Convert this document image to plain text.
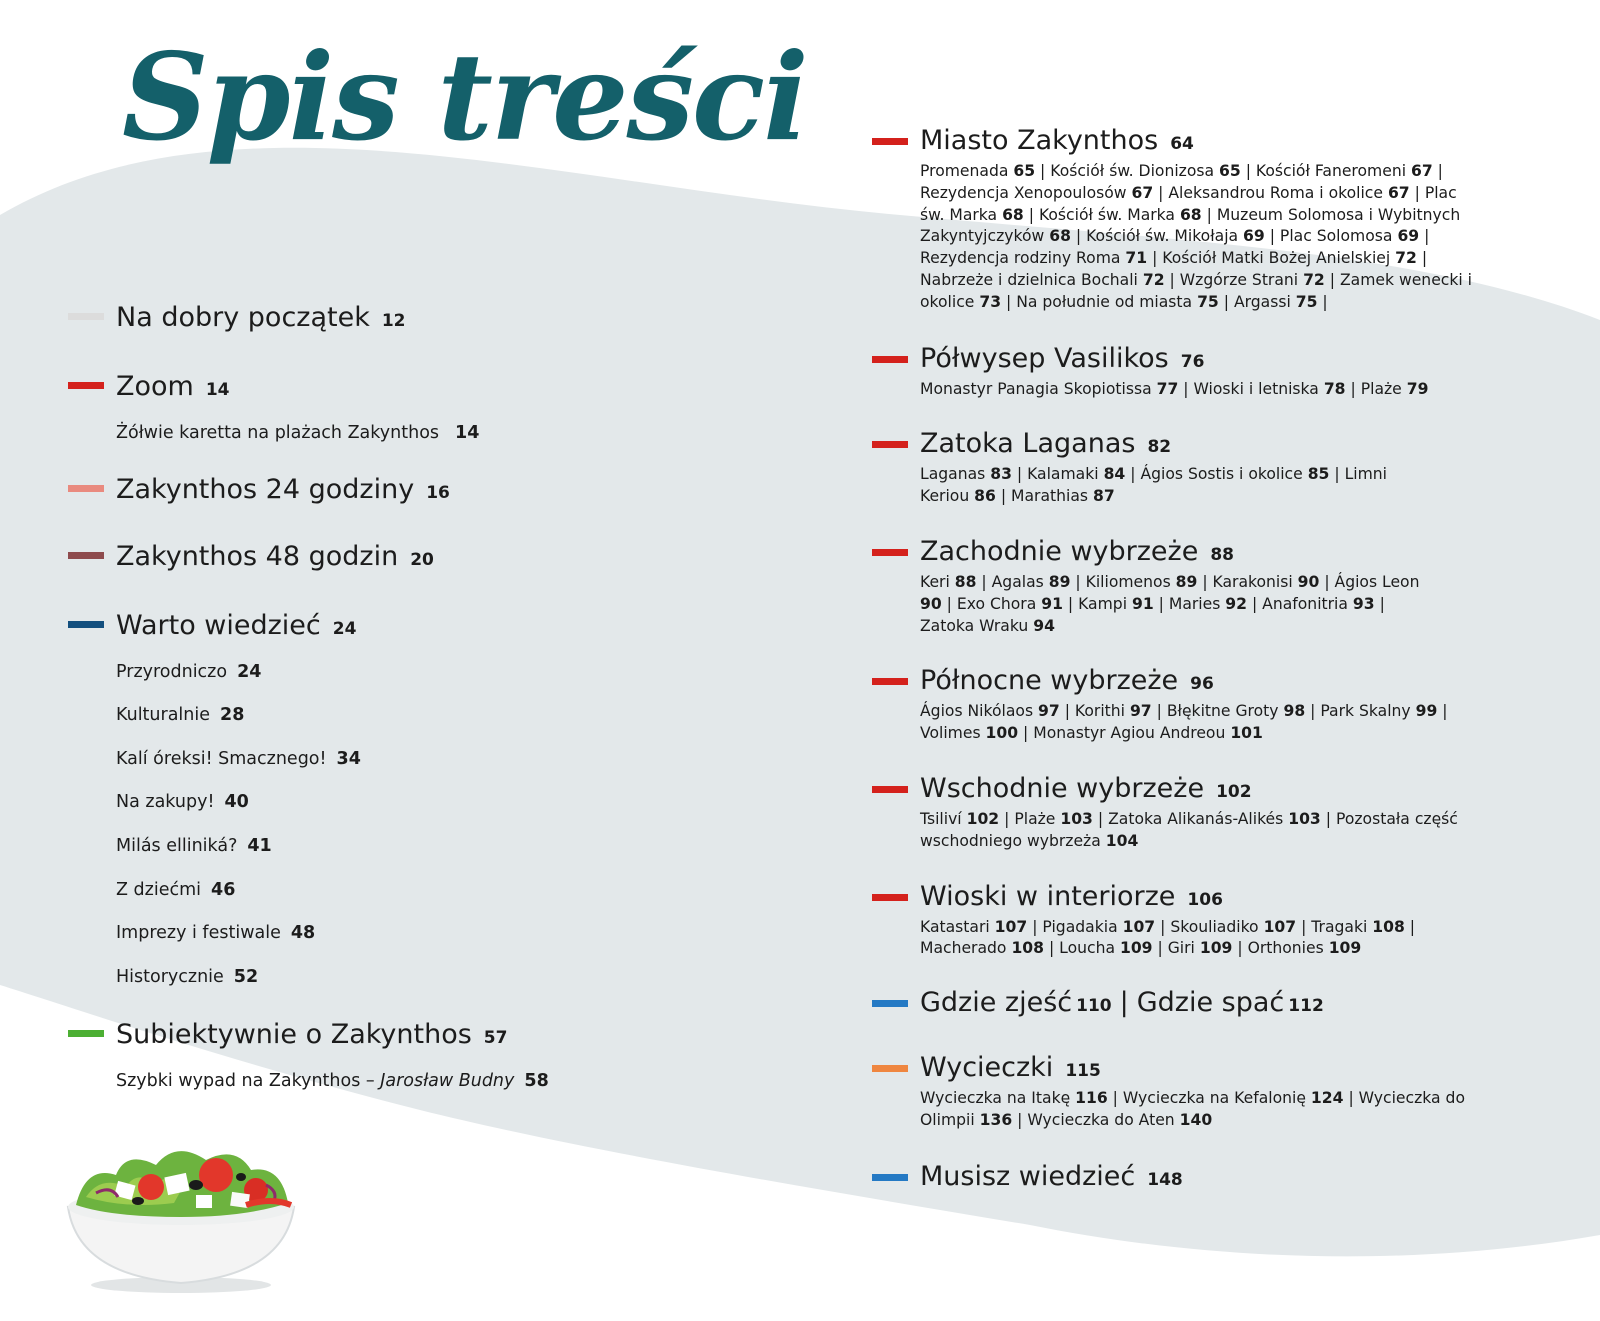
Spis treści
Na dobry początek 12
Zoom 14
Żółwie karetta na plażach Zakynthos 14
Zakynthos 24 godziny 16
Zakynthos 48 godzin 20
Warto wiedzieć 24
Przyrodniczo 24
Kulturalnie 28
Kalí óreksi! Smacznego! 34
Na zakupy! 40
Milás elliniká? 41
Z dziećmi 46
Imprezy i festiwale 48
Historycznie 52
Subiektywnie o Zakynthos 57
Szybki wypad na Zakynthos – Jarosław Budny 58
Miasto Zakynthos 64

Promenada 65 | Kościół św. Dionizosa 65 | Kościół Faneromeni 67 | Rezydencja Xenopoulosów 67 | Aleksandrou Roma i okolice 67 | Plac św. Marka 68 | Kościół św. Marka 68 | Muzeum Solomosa i Wybitnych Zakyntyjczyków 68 | Kościół św. Mikołaja 69 | Plac Solomosa 69 | Rezydencja rodziny Roma 71 | Kościół Matki Bożej Anielskiej 72 | Nabrzeże i dzielnica Bochali 72 | Wzgórze Strani 72 | Zamek wenecki i okolice 73 | Na południe od miasta 75 | Argassi 75 |

Półwysep Vasilikos 76

Monastyr Panagia Skopiotissa 77 | Wioski i letniska 78 | Plaże 79

Zatoka Laganas 82

Laganas 83 | Kalamaki 84 | Ágios Sostis i okolice 85 | Limni Keriou 86 | Marathias 87

Zachodnie wybrzeże 88

Keri 88 | Agalas 89 | Kiliomenos 89 | Karakonisi 90 | Ágios Leon 90 | Exo Chora 91 | Kampi 91 | Maries 92 | Anafonitria 93 | Zatoka Wraku 94

Północne wybrzeże 96

Ágios Nikólaos 97 | Korithi 97 | Błękitne Groty 98 | Park Skalny 99 | Volimes 100 | Monastyr Agiou Andreou 101

Wschodnie wybrzeże 102

Tsiliví 102 | Plaże 103 | Zatoka Alikanás-Alikés 103 | Pozostała część wschodniego wybrzeża 104

Wioski w interiorze 106

Katastari 107 | Pigadakia 107 | Skouliadiko 107 | Tragaki 108 | Macherado 108 | Loucha 109 | Giri 109 | Orthonies 109

Gdzie zjeść 110 | Gdzie spać 112
Wycieczki 115

Wycieczka na Itakę 116 | Wycieczka na Kefalonię 124 | Wycieczka do Olimpii 136 | Wycieczka do Aten 140

Musisz wiedzieć 148
